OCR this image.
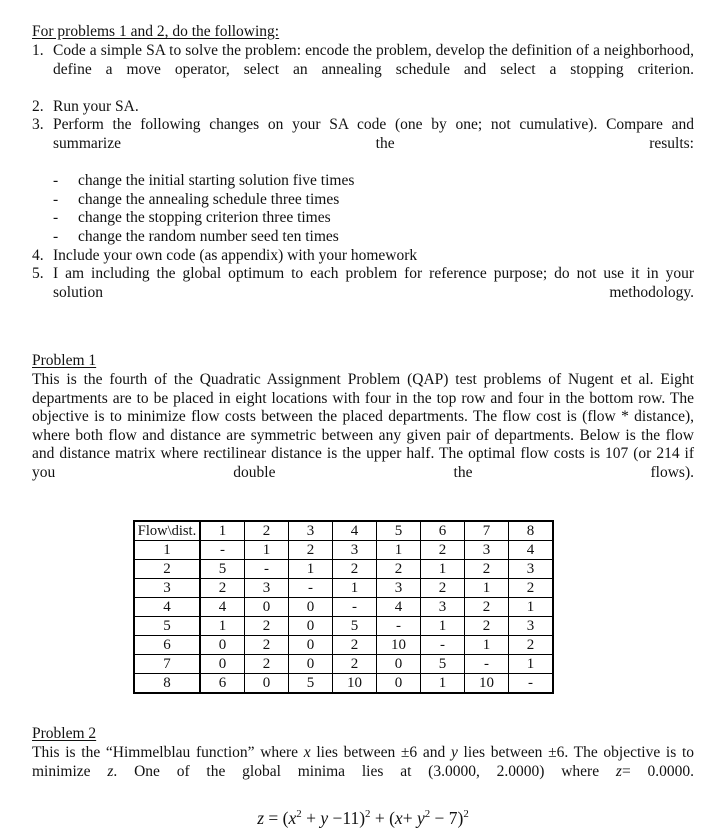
For problems 1 and 2, do the following:
1. Code a simple SA to solve the problem: encode the problem, develop the definition of a neighborhood, define a move operator, select an annealing schedule and select a stopping criterion.
2. Run your SA.
3. Perform the following changes on your SA code (one by one; not cumulative). Compare and summarize the results:
- change the initial starting solution five times
- change the annealing schedule three times
- change the stopping criterion three times
- change the random number seed ten times
4. Include your own code (as appendix) with your homework
5. I am including the global optimum to each problem for reference purpose; do not use it in your solution methodology.
Problem 1

This is the fourth of the Quadratic Assignment Problem (QAP) test problems of Nugent et al. Eight departments are to be placed in eight locations with four in the top row and four in the bottom row. The objective is to minimize flow costs between the placed departments. The flow cost is (flow * distance), where both flow and distance are symmetric between any given pair of departments. Below is the flow and distance matrix where rectilinear distance is the upper half. The optimal flow costs is 107 (or 214 if you double the flows).

Flow\dist.	1	2	3	4	5	6	7	8
1	-	1	2	3	1	2	3	4
2	5	-	1	2	2	1	2	3
3	2	3	-	1	3	2	1	2
4	4	0	0	-	4	3	2	1
5	1	2	0	5	-	1	2	3
6	0	2	0	2	10	-	1	2
7	0	2	0	2	0	5	-	1
8	6	0	5	10	0	1	10	-
Problem 2

This is the “Himmelblau function” where x lies between ±6 and y lies between ±6. The objective is to minimize z. One of the global minima lies at (3.0000, 2.0000) where z= 0.0000.

$z = (x^2 + y -11)^2 + (x+ y^2 - 7)^2$
